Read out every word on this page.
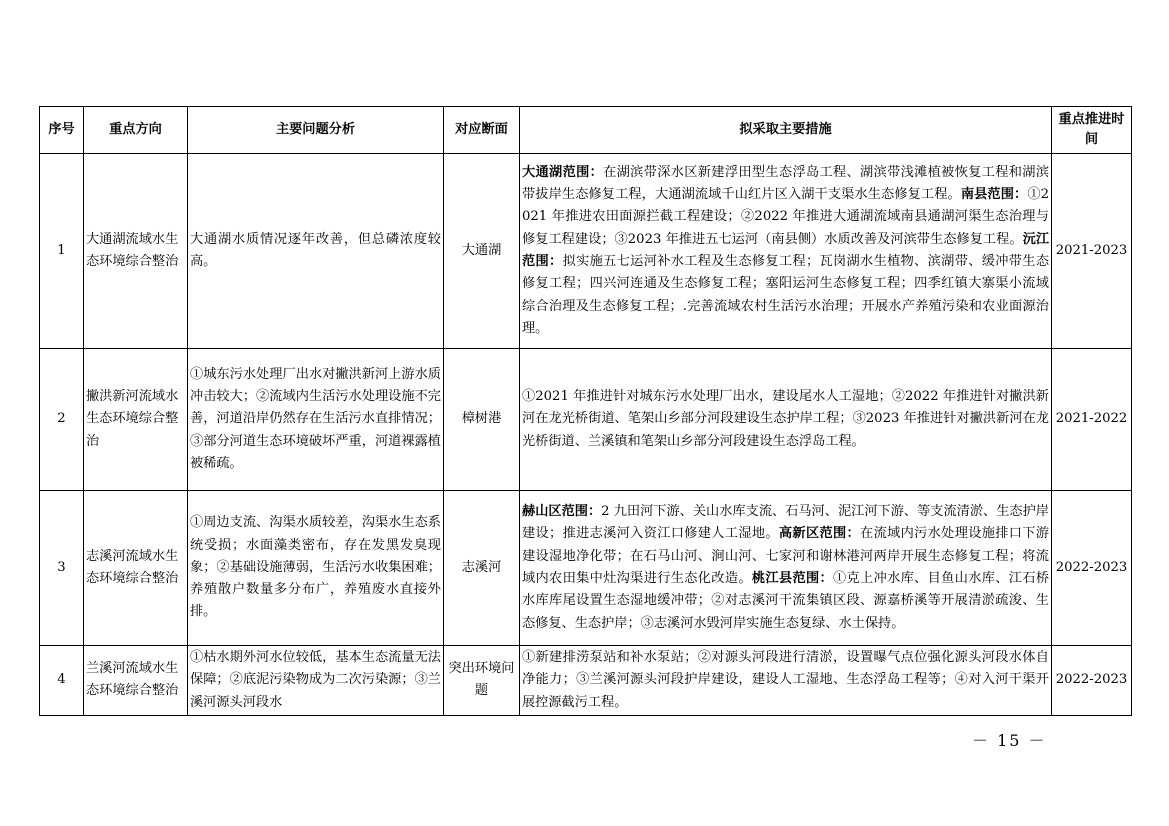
序号	重点方向	主要问题分析	对应断面	拟采取主要措施	重点推进时间
1	大通湖流域水生态环境综合整治	大通湖水质情况逐年改善，但总磷浓度较高。	大通湖	大通湖范围：在湖滨带深水区新建浮田型生态浮岛工程、湖滨带浅滩植被恢复工程和湖滨带拔岸生态修复工程，大通湖流域千山红片区入湖干支渠水生态修复工程。南县范围：①2021 年推进农田面源拦截工程建设；②2022 年推进大通湖流域南县通湖河渠生态治理与修复工程建设；③2023 年推进五七运河（南县侧）水质改善及河滨带生态修复工程。沅江范围：拟实施五七运河补水工程及生态修复工程；瓦岗湖水生植物、滨湖带、缓冲带生态修复工程；四兴河连通及生态修复工程；塞阳运河生态修复工程；四季红镇大寨渠小流域综合治理及生态修复工程；.完善流域农村生活污水治理；开展水产养殖污染和农业面源治理。	2021-2023
2	撇洪新河流域水生态环境综合整治	①城东污水处理厂出水对撇洪新河上游水质冲击较大；②流域内生活污水处理设施不完善，河道沿岸仍然存在生活污水直排情况；③部分河道生态环境破坏严重，河道裸露植被稀疏。	樟树港	①2021 年推进针对城东污水处理厂出水，建设尾水人工湿地；②2022 年推进针对撇洪新河在龙光桥街道、笔架山乡部分河段建设生态护岸工程；③2023 年推进针对撇洪新河在龙光桥街道、兰溪镇和笔架山乡部分河段建设生态浮岛工程。	2021-2022
3	志溪河流域水生态环境综合整治	①周边支流、沟渠水质较差，沟渠水生态系统受损；水面藻类密布，存在发黑发臭现象；②基础设施薄弱，生活污水收集困难；养殖散户数量多分布广，养殖废水直接外排。	志溪河	赫山区范围：2 九田河下游、关山水库支流、石马河、泥江河下游、等支流清淤、生态护岸建设；推进志溪河入资江口修建人工湿地。高新区范围：在流域内污水处理设施排口下游建设湿地净化带；在石马山河、涧山河、七家河和谢林港河两岸开展生态修复工程；将流域内农田集中灶沟渠进行生态化改造。桃江县范围：①克上冲水库、目鱼山水库、江石桥水库库尾设置生态湿地缓冲带；②对志溪河干流集镇区段、源嘉桥溪等开展清淤疏浚、生态修复、生态护岸；③志溪河水毁河岸实施生态复绿、水土保持。	2022-2023
4	兰溪河流域水生态环境综合整治	①枯水期外河水位较低，基本生态流量无法保障；②底泥污染物成为二次污染源；③兰溪河源头河段水	突出环境问题	①新建排涝泵站和补水泵站；②对源头河段进行清淤，设置曝气点位强化源头河段水体自净能力；③兰溪河源头河段护岸建设，建设人工湿地、生态浮岛工程等；④对入河干渠开展控源截污工程。	2022-2023
－ 15 －
